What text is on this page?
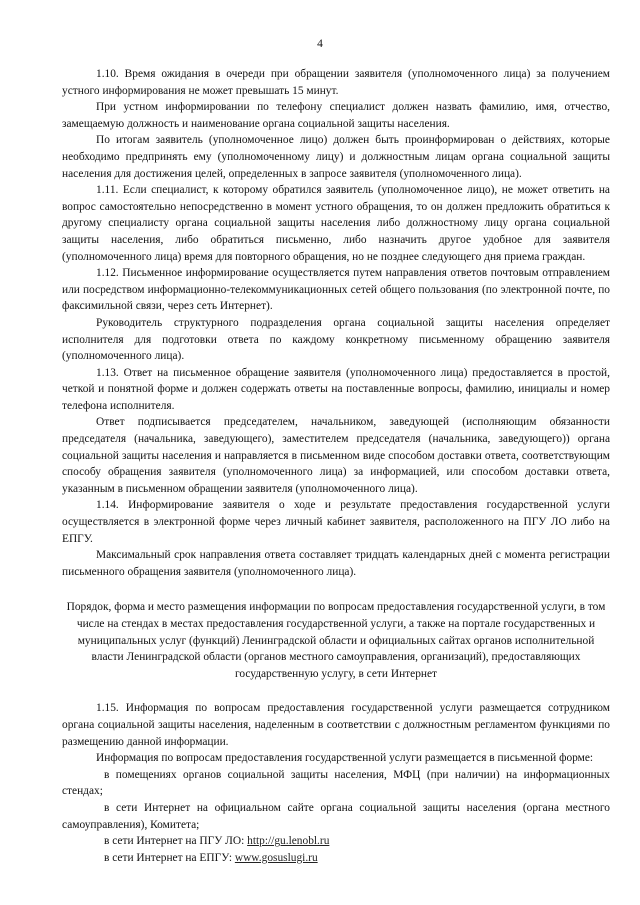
4

1.10. Время ожидания в очереди при обращении заявителя (уполномоченного лица) за получением устного информирования не может превышать 15 минут.

При устном информировании по телефону специалист должен назвать фамилию, имя, отчество, замещаемую должность и наименование органа социальной защиты населения.

По итогам заявитель (уполномоченное лицо) должен быть проинформирован о действиях, которые необходимо предпринять ему (уполномоченному лицу) и должностным лицам органа социальной защиты населения для достижения целей, определенных в запросе заявителя (уполномоченного лица).

1.11. Если специалист, к которому обратился заявитель (уполномоченное лицо), не может ответить на вопрос самостоятельно непосредственно в момент устного обращения, то он должен предложить обратиться к другому специалисту органа социальной защиты населения либо должностному лицу органа социальной защиты населения, либо обратиться письменно, либо назначить другое удобное для заявителя (уполномоченного лица) время для повторного обращения, но не позднее следующего дня приема граждан.

1.12. Письменное информирование осуществляется путем направления ответов почтовым отправлением или посредством информационно-телекоммуникационных сетей общего пользования (по электронной почте, по факсимильной связи, через сеть Интернет).

Руководитель структурного подразделения органа социальной защиты населения определяет исполнителя для подготовки ответа по каждому конкретному письменному обращению заявителя (уполномоченного лица).

1.13. Ответ на письменное обращение заявителя (уполномоченного лица) предоставляется в простой, четкой и понятной форме и должен содержать ответы на поставленные вопросы, фамилию, инициалы и номер телефона исполнителя.

Ответ подписывается председателем, начальником, заведующей (исполняющим обязанности председателя (начальника, заведующего), заместителем председателя (начальника, заведующего)) органа социальной защиты населения и направляется в письменном виде способом доставки ответа, соответствующим способу обращения заявителя (уполномоченного лица) за информацией, или способом доставки ответа, указанным в письменном обращении заявителя (уполномоченного лица).

1.14. Информирование заявителя о ходе и результате предоставления государственной услуги осуществляется в электронной форме через личный кабинет заявителя, расположенного на ПГУ ЛО либо на ЕПГУ.

Максимальный срок направления ответа составляет тридцать календарных дней с момента регистрации письменного обращения заявителя (уполномоченного лица).

Порядок, форма и место размещения информации по вопросам предоставления государственной услуги, в том числе на стендах в местах предоставления государственной услуги, а также на портале государственных и муниципальных услуг (функций) Ленинградской области и официальных сайтах органов исполнительной власти Ленинградской области (органов местного самоуправления, организаций), предоставляющих государственную услугу, в сети Интернет

1.15. Информация по вопросам предоставления государственной услуги размещается сотрудником органа социальной защиты населения, наделенным в соответствии с должностным регламентом функциями по размещению данной информации.

Информация по вопросам предоставления государственной услуги размещается в письменной форме:

в помещениях органов социальной защиты населения, МФЦ (при наличии) на информационных стендах;

в сети Интернет на официальном сайте органа социальной защиты населения (органа местного самоуправления), Комитета;

в сети Интернет на ПГУ ЛО: http://gu.lenobl.ru

в сети Интернет на ЕПГУ: www.gosuslugi.ru
